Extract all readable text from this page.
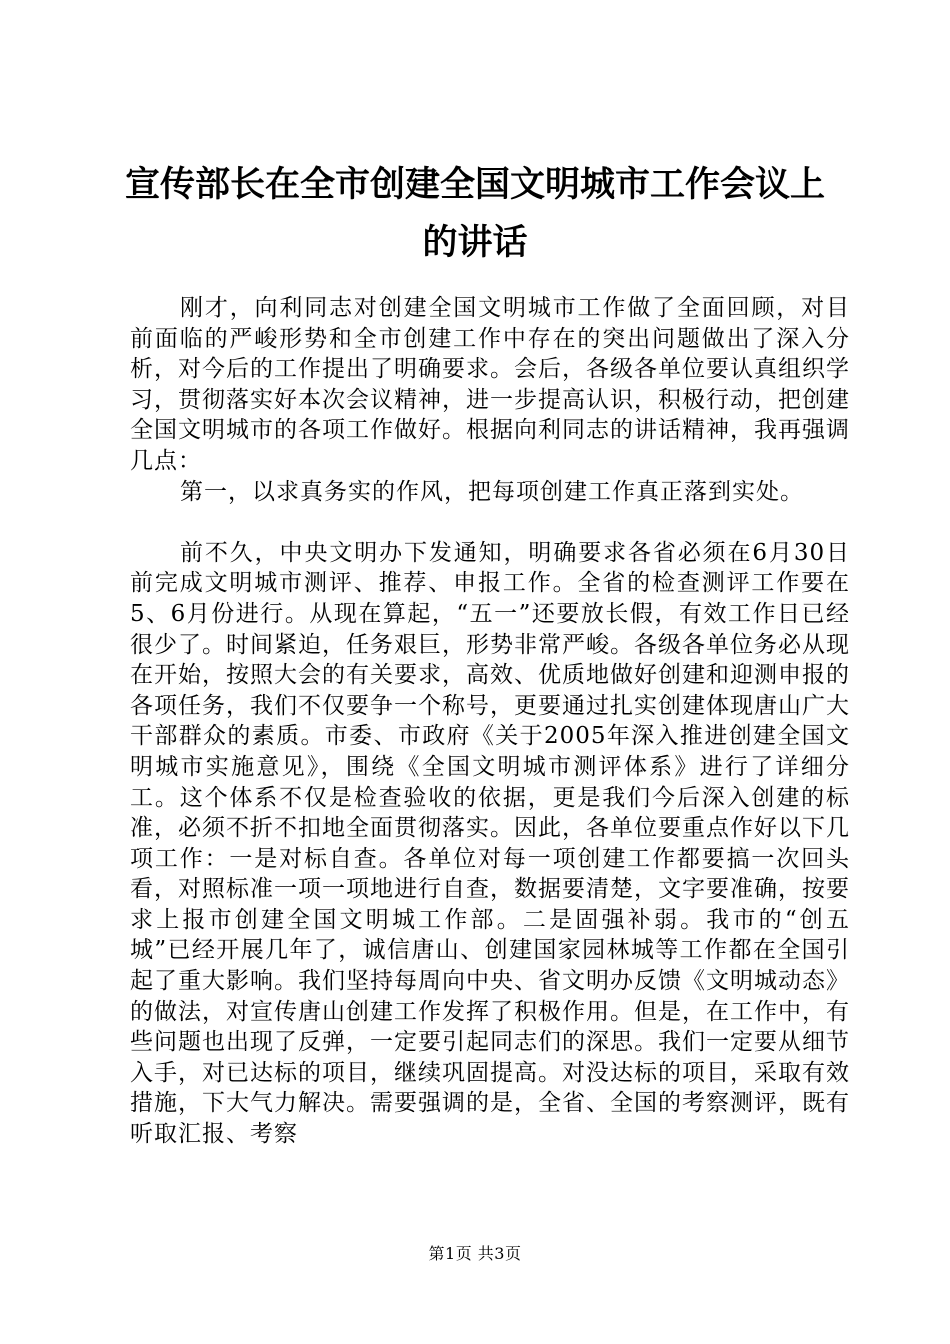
宣传部长在全市创建全国文明城市工作会议上
的讲话

刚才，向利同志对创建全国文明城市工作做了全面回顾，对目前面临的严峻形势和全市创建工作中存在的突出问题做出了深入分析，对今后的工作提出了明确要求。会后，各级各单位要认真组织学习，贯彻落实好本次会议精神，进一步提高认识，积极行动，把创建全国文明城市的各项工作做好。根据向利同志的讲话精神，我再强调几点：

第一，以求真务实的作风，把每项创建工作真正落到实处。

前不久，中央文明办下发通知，明确要求各省必须在6月30日前完成文明城市测评、推荐、申报工作。全省的检查测评工作要在5、6月份进行。从现在算起，“五一”还要放长假，有效工作日已经很少了。时间紧迫，任务艰巨，形势非常严峻。各级各单位务必从现在开始，按照大会的有关要求，高效、优质地做好创建和迎测申报的各项任务，我们不仅要争一个称号，更要通过扎实创建体现唐山广大干部群众的素质。市委、市政府《关于2005年深入推进创建全国文明城市实施意见》，围绕《全国文明城市测评体系》进行了详细分工。这个体系不仅是检查验收的依据，更是我们今后深入创建的标准，必须不折不扣地全面贯彻落实。因此，各单位要重点作好以下几项工作：一是对标自查。各单位对每一项创建工作都要搞一次回头看，对照标准一项一项地进行自查，数据要清楚，文字要准确，按要求上报市创建全国文明城工作部。二是固强补弱。我市的“创五城”已经开展几年了，诚信唐山、创建国家园林城等工作都在全国引起了重大影响。我们坚持每周向中央、省文明办反馈《文明城动态》的做法，对宣传唐山创建工作发挥了积极作用。但是，在工作中，有些问题也出现了反弹，一定要引起同志们的深思。我们一定要从细节入手，对已达标的项目，继续巩固提高。对没达标的项目，采取有效措施，下大气力解决。需要强调的是，全省、全国的考察测评，既有听取汇报、考察

第1页 共3页
